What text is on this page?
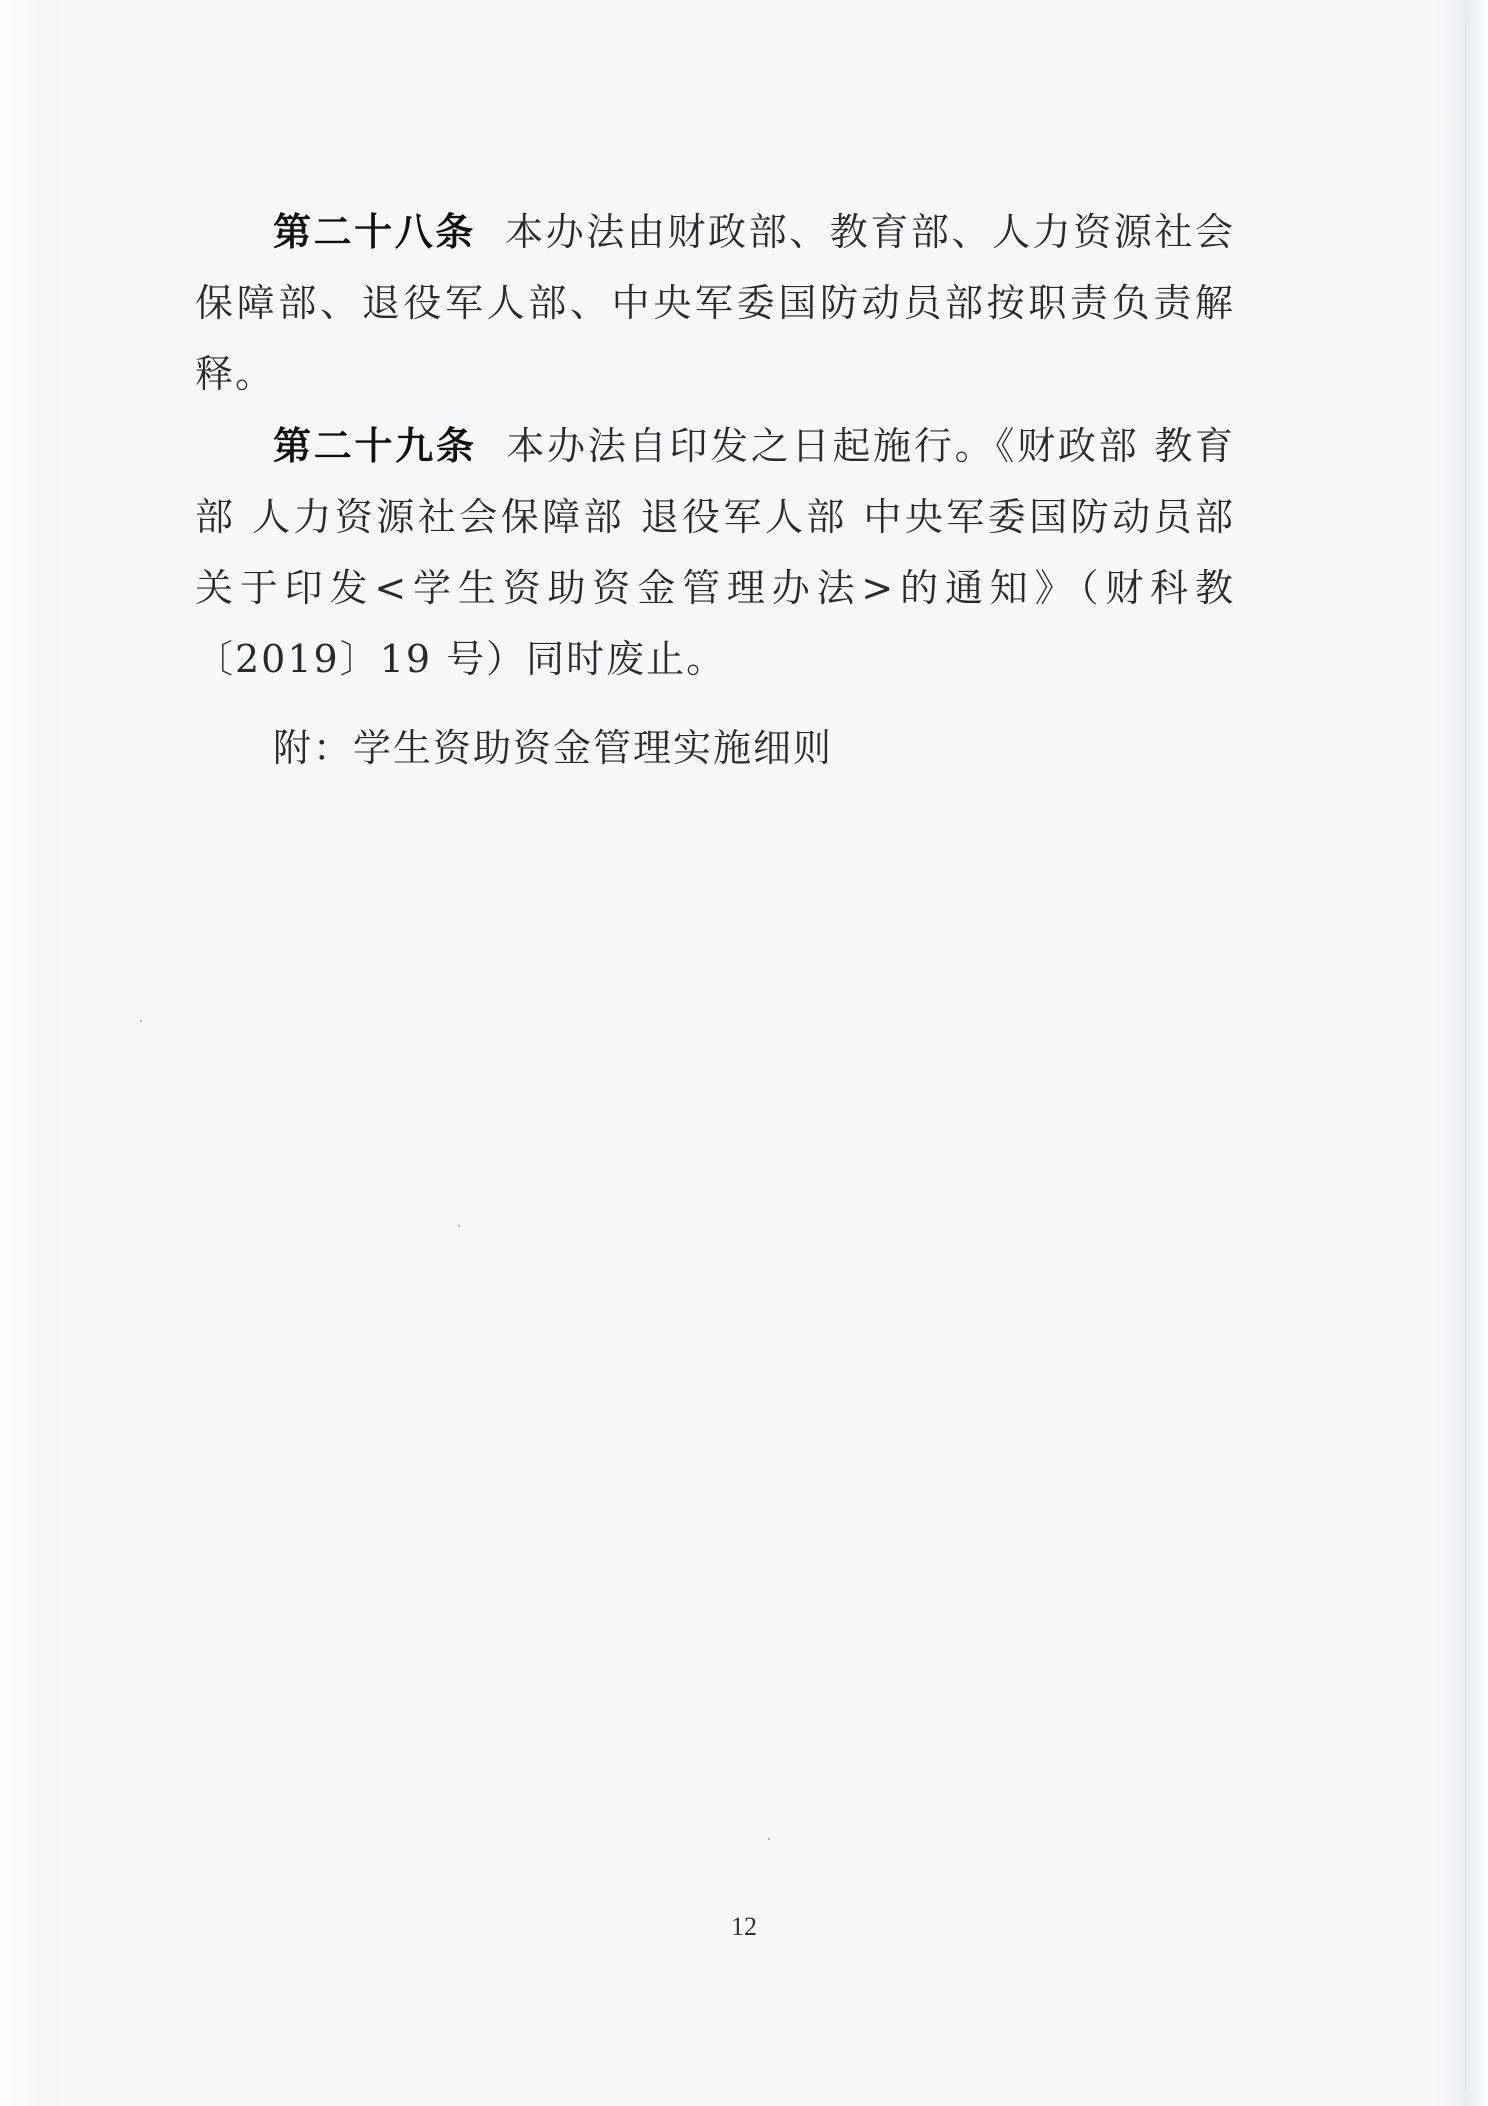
第二十八条 本办法由财政部、教育部、人力资源社会保障部、退役军人部、中央军委国防动员部按职责负责解释。

第二十九条 本办法自印发之日起施行。《财政部 教育部 人力资源社会保障部 退役军人部 中央军委国防动员部关于印发<学生资助资金管理办法>的通知》（财科教〔2019〕19 号）同时废止。

附：学生资助资金管理实施细则
12
